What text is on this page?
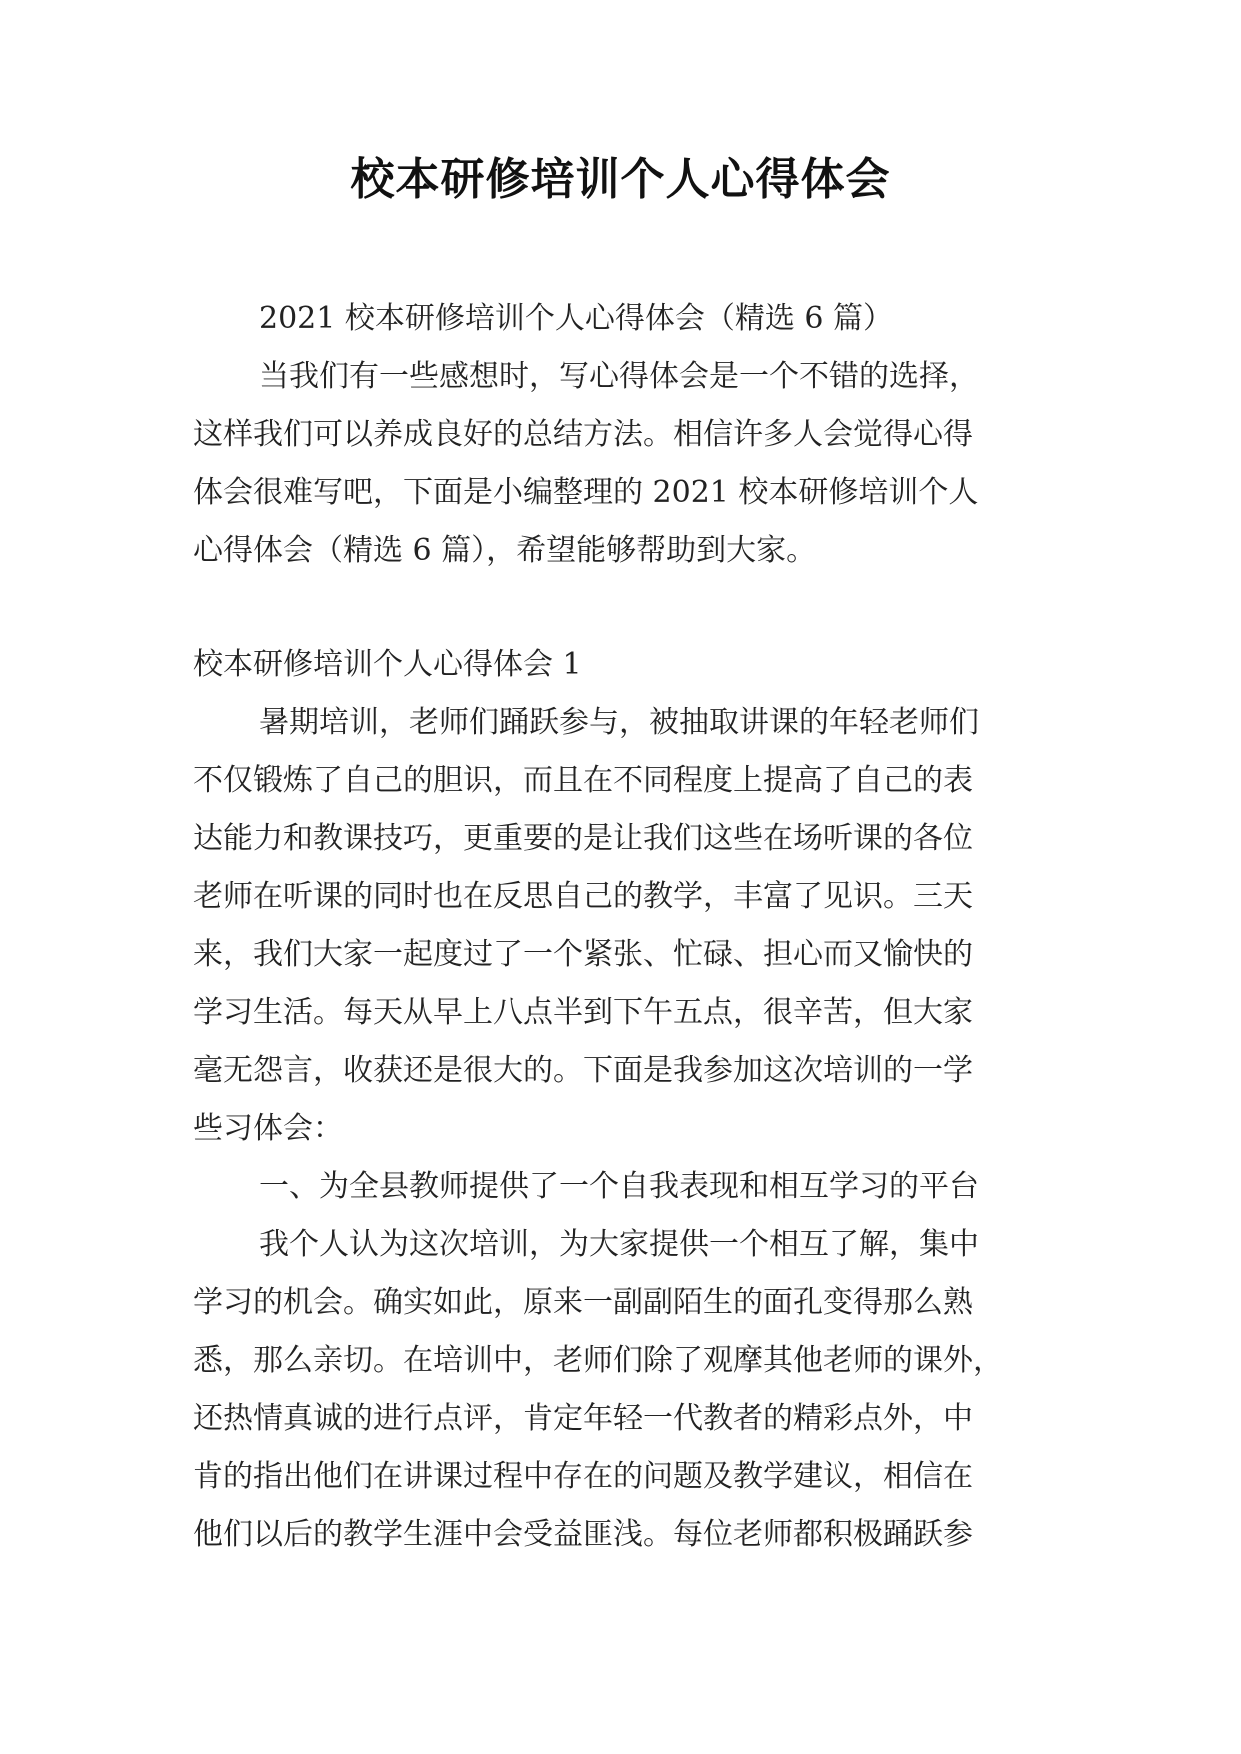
校本研修培训个人心得体会
2021 校本研修培训个人心得体会（精选 6 篇）
当我们有一些感想时，写心得体会是一个不错的选择，
这样我们可以养成良好的总结方法。相信许多人会觉得心得
体会很难写吧，下面是小编整理的 2021 校本研修培训个人
心得体会（精选 6 篇），希望能够帮助到大家。
校本研修培训个人心得体会 1
暑期培训，老师们踊跃参与，被抽取讲课的年轻老师们
不仅锻炼了自己的胆识，而且在不同程度上提高了自己的表
达能力和教课技巧，更重要的是让我们这些在场听课的各位
老师在听课的同时也在反思自己的教学，丰富了见识。三天
来，我们大家一起度过了一个紧张、忙碌、担心而又愉快的
学习生活。每天从早上八点半到下午五点，很辛苦，但大家
毫无怨言，收获还是很大的。下面是我参加这次培训的一学
些习体会：
一、为全县教师提供了一个自我表现和相互学习的平台
我个人认为这次培训，为大家提供一个相互了解，集中
学习的机会。确实如此，原来一副副陌生的面孔变得那么熟
悉，那么亲切。在培训中，老师们除了观摩其他老师的课外，
还热情真诚的进行点评，肯定年轻一代教者的精彩点外，中
肯的指出他们在讲课过程中存在的问题及教学建议，相信在
他们以后的教学生涯中会受益匪浅。每位老师都积极踊跃参
